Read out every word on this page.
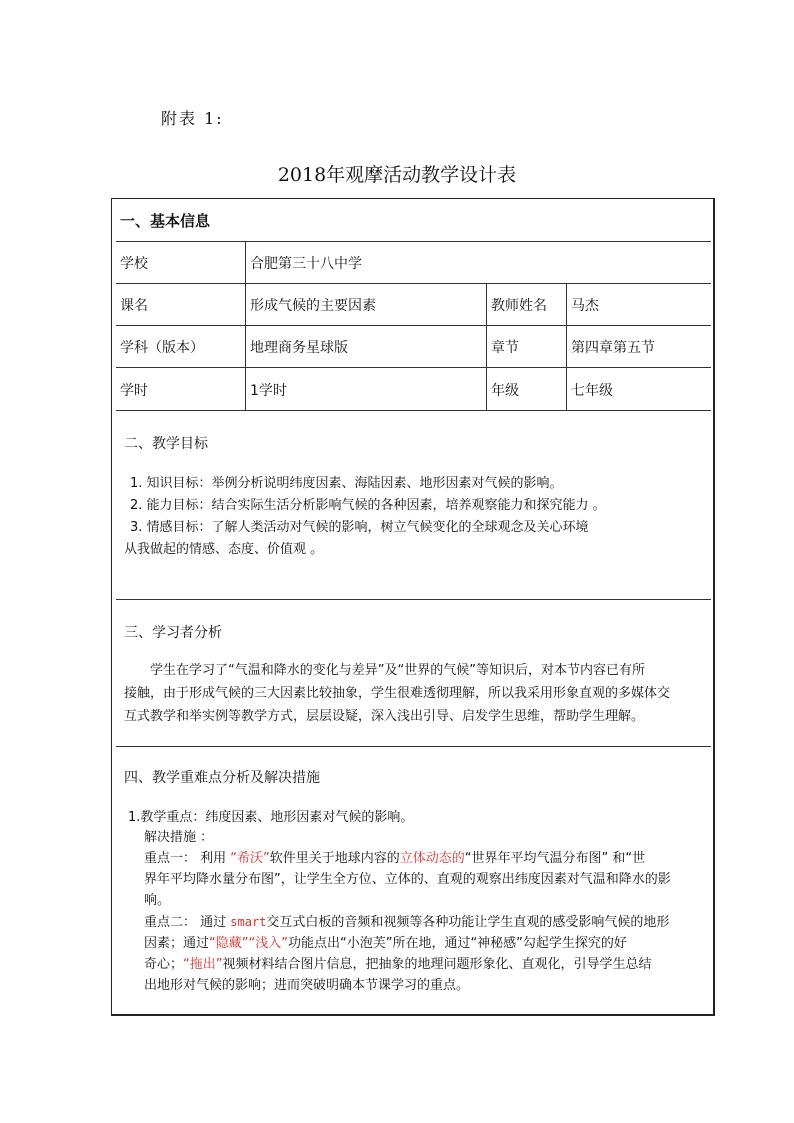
附表 1:
2018年观摩活动教学设计表
一、基本信息
学校	合肥第三十八中学
课名	形成气候的主要因素	教师姓名	马杰
学科（版本）	地理商务星球版	章节	第四章第五节
学时	1学时	年级	七年级
二、教学目标
1. 知识目标：举例分析说明纬度因素、海陆因素、地形因素对气候的影响。
2. 能力目标：结合实际生活分析影响气候的各种因素，培养观察能力和探究能力 。
3. 情感目标：了解人类活动对气候的影响，树立气候变化的全球观念及关心环境
从我做起的情感、态度、价值观 。
三、学习者分析
学生在学习了“气温和降水的变化与差异”及“世界的气候”等知识后，对本节内容已有所
接触，由于形成气候的三大因素比较抽象，学生很难透彻理解，所以我采用形象直观的多媒体交
互式教学和举实例等教学方式，层层设疑，深入浅出引导、启发学生思维，帮助学生理解。
四、教学重难点分析及解决措施
1.教学重点：纬度因素、地形因素对气候的影响。
解决措施 ：
重点一： 利用 “希沃”软件里关于地球内容的立体动态的“世界年平均气温分布图” 和“世
界年平均降水量分布图”，让学生全方位、立体的、直观的观察出纬度因素对气温和降水的影
响。
重点二： 通过 smart交互式白板的音频和视频等各种功能让学生直观的感受影响气候的地形
因素；通过“隐藏”“浅入”功能点出“小泡芙”所在地，通过“神秘感”勾起学生探究的好
奇心；“拖出”视频材料结合图片信息，把抽象的地理问题形象化、直观化，引导学生总结
出地形对气候的影响；进而突破明确本节课学习的重点。
